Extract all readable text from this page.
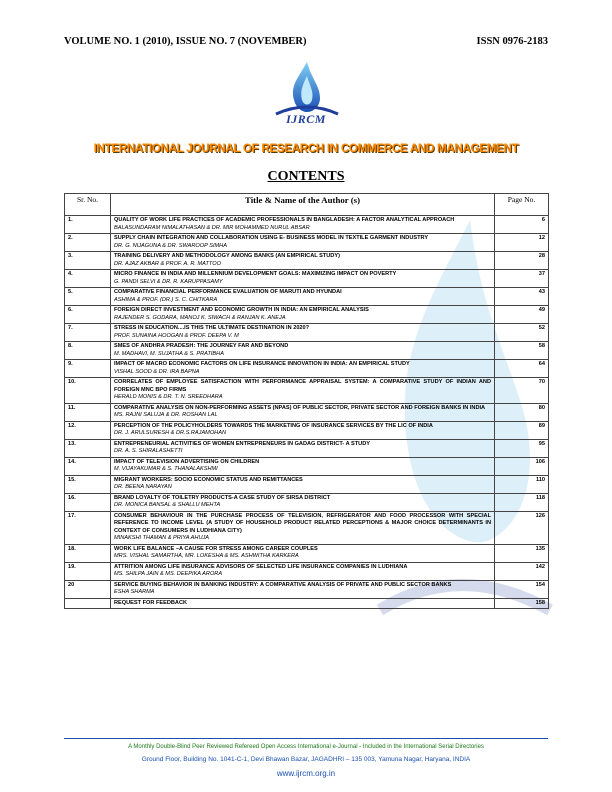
VOLUME NO. 1 (2010), ISSUE NO. 7 (NOVEMBER)	ISSN 0976-2183
IJRCM
INTERNATIONAL JOURNAL OF RESEARCH IN COMMERCE AND MANAGEMENT
CONTENTS
Sr. No.	Title & Name of the Author (s)	Page No.
1.	QUALITY OF WORK LIFE PRACTICES OF ACADEMIC PROFESSIONALS IN BANGLADESH: A FACTOR ANALYTICAL APPROACH
BALASUNDARAM NIMALATHASAN & DR. MIR MOHAMMED NURUL ABSAR	6
2.	SUPPLY CHAIN INTEGRATION AND COLLABORATION USING E- BUSINESS MODEL IN TEXTILE GARMENT INDUSTRY
DR. G. NIJAGUNA & DR. SWAROOP SIMHA	12
3.	TRAINING DELIVERY AND METHODOLOGY AMONG BANKS (AN EMPIRICAL STUDY)
DR. AJAZ AKBAR & PROF. A. R. MATTOO	28
4.	MICRO FINANCE IN INDIA AND MILLENNIUM DEVELOPMENT GOALS: MAXIMIZING IMPACT ON POVERTY
G. PANDI SELVI & DR. R. KARUPPASAMY	37
5.	COMPARATIVE FINANCIAL PERFORMANCE EVALUATION OF MARUTI AND HYUNDAI
ASHIMA & PROF. (DR.) S. C. CHITKARA	43
6.	FOREIGN DIRECT INVESTMENT AND ECONOMIC GROWTH IN INDIA: AN EMPIRICAL ANALYSIS
RAJENDER S. GODARA, MANOJ K. SIWACH & RANJAN K. ANEJA	49
7.	STRESS IN EDUCATION....IS THIS THE ULTIMATE DESTINATION IN 2020?
PROF. SUNAINA HOOGAN & PROF. DEEPA V. M	52
8.	SMES OF ANDHRA PRADESH: THE JOURNEY FAR AND BEYOND
M. MADHAVI, M. SUJATHA & S. PRATIBHA	58
9.	IMPACT OF MACRO ECONOMIC FACTORS ON LIFE INSURANCE INNOVATION IN INDIA: AN EMPIRICAL STUDY
VISHAL SOOD & DR. IRA BAPNA	64
10.	CORRELATES OF EMPLOYEE SATISFACTION WITH PERFORMANCE APPRAISAL SYSTEM: A COMPARATIVE STUDY OF INDIAN AND FOREIGN MNC BPO FIRMS
HERALD MONIS & DR. T. N. SREEDHARA	70
11.	COMPARATIVE ANALYSIS ON NON-PERFORMING ASSETS (NPAS) OF PUBLIC SECTOR, PRIVATE SECTOR AND FOREIGN BANKS IN INDIA
MS. RAJNI SALUJA & DR. ROSHAN LAL	80
12.	PERCEPTION OF THE POLICYHOLDERS TOWARDS THE MARKETING OF INSURANCE SERVICES BY THE LIC OF INDIA
DR. J. ARULSURESH & DR.S.RAJAMOHAN	89
13.	ENTREPRENEURIAL ACTIVITIES OF WOMEN ENTREPRENEURS IN GADAG DISTRICT- A STUDY
DR. A. S. SHIRALASHETTI	95
14.	IMPACT OF TELEVISION ADVERTISING ON CHILDREN
M. VIJAYAKUMAR & S. THANALAKSHMI	106
15.	MIGRANT WORKERS: SOCIO ECONOMIC STATUS AND REMITTANCES
DR. BEENA NARAYAN	110
16.	BRAND LOYALTY OF TOILETRY PRODUCTS-A CASE STUDY OF SIRSA DISTRICT
DR. MONICA BANSAL & SHALLU MEHTA	118
17.	CONSUMER BEHAVIOUR IN THE PURCHASE PROCESS OF TELEVISION, REFRIGERATOR AND FOOD PROCESSOR WITH SPECIAL REFERENCE TO INCOME LEVEL (A STUDY OF HOUSEHOLD PRODUCT RELATED PERCEPTIONS & MAJOR CHOICE DETERMINANTS IN CONTEXT OF CONSUMERS IN LUDHIANA CITY)
MINAKSHI THAMAN & PRIYA AHUJA	126
18.	WORK LIFE BALANCE –A CAUSE FOR STRESS AMONG CAREER COUPLES
MRS. VISHAL SAMARTHA, MR. LOKESHA & MS. ASHWITHA KARKERA	135
19.	ATTRITION AMONG LIFE INSURANCE ADVISORS OF SELECTED LIFE INSURANCE COMPANIES IN LUDHIANA
MS. SHILPA JAIN & MS. DEEPIKA ARORA	142
20	SERVICE BUYING BEHAVIOR IN BANKING INDUSTRY: A COMPARATIVE ANALYSIS OF PRIVATE AND PUBLIC SECTOR BANKS
ESHA SHARMA	154

	REQUEST FOR FEEDBACK	158
A Monthly Double-Blind Peer Reviewed Refereed Open Access International e-Journal - Included in the International Serial Directories
Ground Floor, Building No. 1041-C-1, Devi Bhawan Bazar, JAGADHRI – 135 003, Yamuna Nagar, Haryana, INDIA
www.ijrcm.org.in
